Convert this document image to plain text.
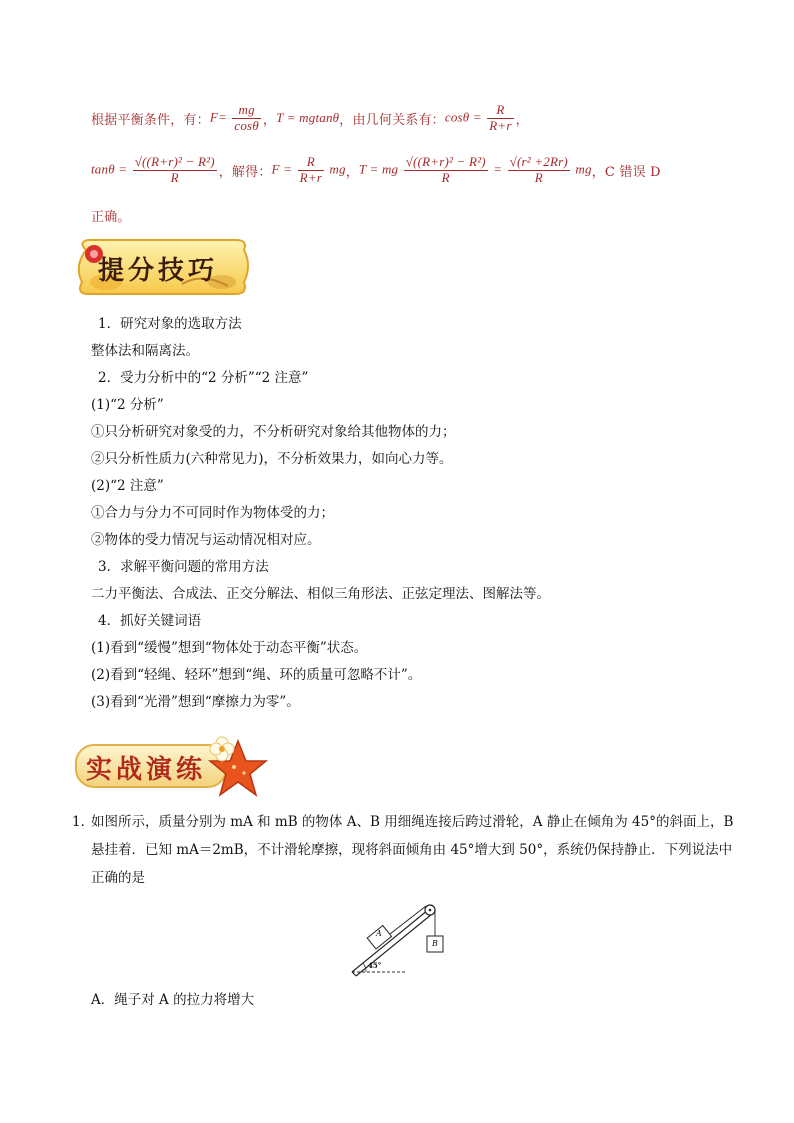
根据平衡条件，有： $F= \frac{mg}{\cos\theta}$ ， T = mgtanθ ，由几何关系有： $\cos\theta = \frac{R}{R+r}$ ，
$\tan\theta = \frac{\text{√((R+r)² − R²)}}{R}$ ，解得： $F = \frac{R}{R+r}$ mg ， T = mg $\frac{\text{√((R+r)² − R²)}}{R} = \frac{\text{√(r² +2Rr)}}{R}$ mg ，C 错误 D
正确。
提分技巧
1．研究对象的选取方法
整体法和隔离法。
2．受力分析中的“2 分析”“2 注意”
(1)“2 分析”
①只分析研究对象受的力，不分析研究对象给其他物体的力；
②只分析性质力(六种常见力)，不分析效果力，如向心力等。
(2)“2 注意”
①合力与分力不可同时作为物体受的力；
②物体的受力情况与运动情况相对应。
3．求解平衡问题的常用方法
二力平衡法、合成法、正交分解法、相似三角形法、正弦定理法、图解法等。
4．抓好关键词语
(1)看到“缓慢”想到“物体处于动态平衡”状态。
(2)看到“轻绳、轻环”想到“绳、环的质量可忽略不计”。
(3)看到“光滑”想到“摩擦力为零”。
实战演练
1．
如图所示，质量分别为 mA 和 mB 的物体 A、B 用细绳连接后跨过滑轮，A 静止在倾角为 45°的斜面上，B
悬挂着．已知 mA＝2mB，不计滑轮摩擦，现将斜面倾角由 45°增大到 50°，系统仍保持静止．下列说法中
正确的是
A
B
45°
A．绳子对 A 的拉力将增大
